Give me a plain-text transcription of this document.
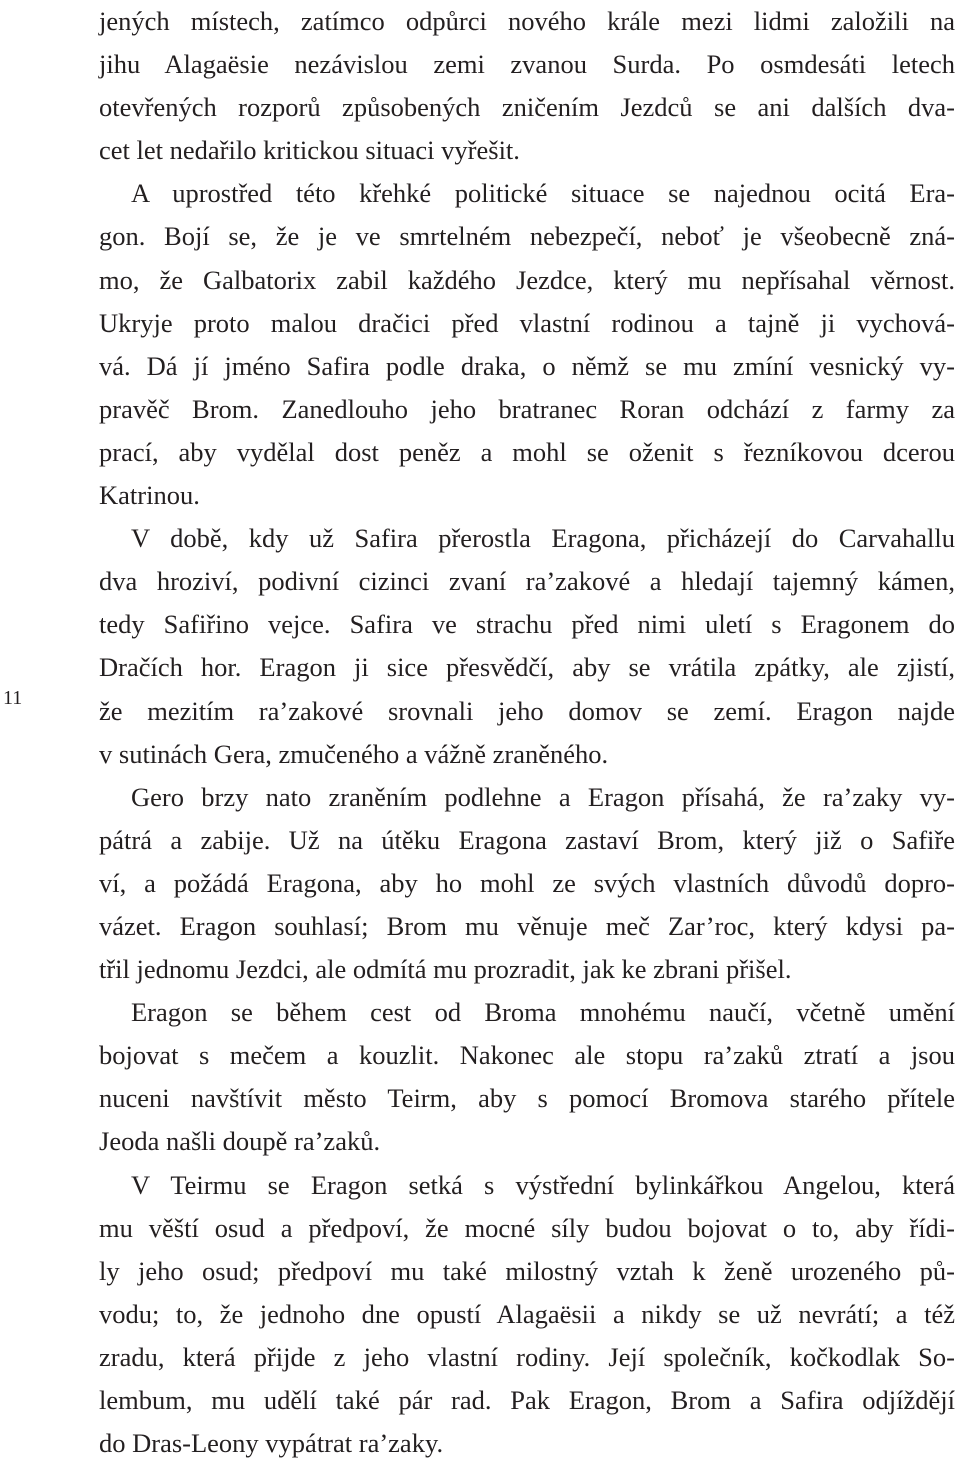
11
jených místech, zatímco odpůrci nového krále mezi lidmi založili na
jihu Alagaësie nezávislou zemi zvanou Surda. Po osmdesáti letech
otevřených rozporů způsobených zničením Jezdců se ani dalších dva-
cet let nedařilo kritickou situaci vyřešit.
A uprostřed této křehké politické situace se najednou ocitá Era-
gon. Bojí se, že je ve smrtelném nebezpečí, neboť je všeobecně zná-
mo, že Galbatorix zabil každého Jezdce, který mu nepřísahal věrnost.
Ukryje proto malou dračici před vlastní rodinou a tajně ji vychová-
vá. Dá jí jméno Safira podle draka, o němž se mu zmíní vesnický vy-
pravěč Brom. Zanedlouho jeho bratranec Roran odchází z farmy za
prací, aby vydělal dost peněz a mohl se oženit s řezníkovou dcerou
Katrinou.
V době, kdy už Safira přerostla Eragona, přicházejí do Carvahallu
dva hroziví, podivní cizinci zvaní ra’zakové a hledají tajemný kámen,
tedy Safiřino vejce. Safira ve strachu před nimi uletí s Eragonem do
Dračích hor. Eragon ji sice přesvědčí, aby se vrátila zpátky, ale zjistí,
že mezitím ra’zakové srovnali jeho domov se zemí. Eragon najde
v sutinách Gera, zmučeného a vážně zraněného.
Gero brzy nato zraněním podlehne a Eragon přísahá, že ra’zaky vy-
pátrá a zabije. Už na útěku Eragona zastaví Brom, který již o Safiře
ví, a požádá Eragona, aby ho mohl ze svých vlastních důvodů dopro-
vázet. Eragon souhlasí; Brom mu věnuje meč Zar’roc, který kdysi pa-
třil jednomu Jezdci, ale odmítá mu prozradit, jak ke zbrani přišel.
Eragon se během cest od Broma mnohému naučí, včetně umění
bojovat s mečem a kouzlit. Nakonec ale stopu ra’zaků ztratí a jsou
nuceni navštívit město Teirm, aby s pomocí Bromova starého přítele
Jeoda našli doupě ra’zaků.
V Teirmu se Eragon setká s výstřední bylinkářkou Angelou, která
mu věští osud a předpoví, že mocné síly budou bojovat o to, aby řídi-
ly jeho osud; předpoví mu také milostný vztah k ženě urozeného pů-
vodu; to, že jednoho dne opustí Alagaësii a nikdy se už nevrátí; a též
zradu, která přijde z jeho vlastní rodiny. Její společník, kočkodlak So-
lembum, mu udělí také pár rad. Pak Eragon, Brom a Safira odjíždějí
do Dras-Leony vypátrat ra’zaky.
